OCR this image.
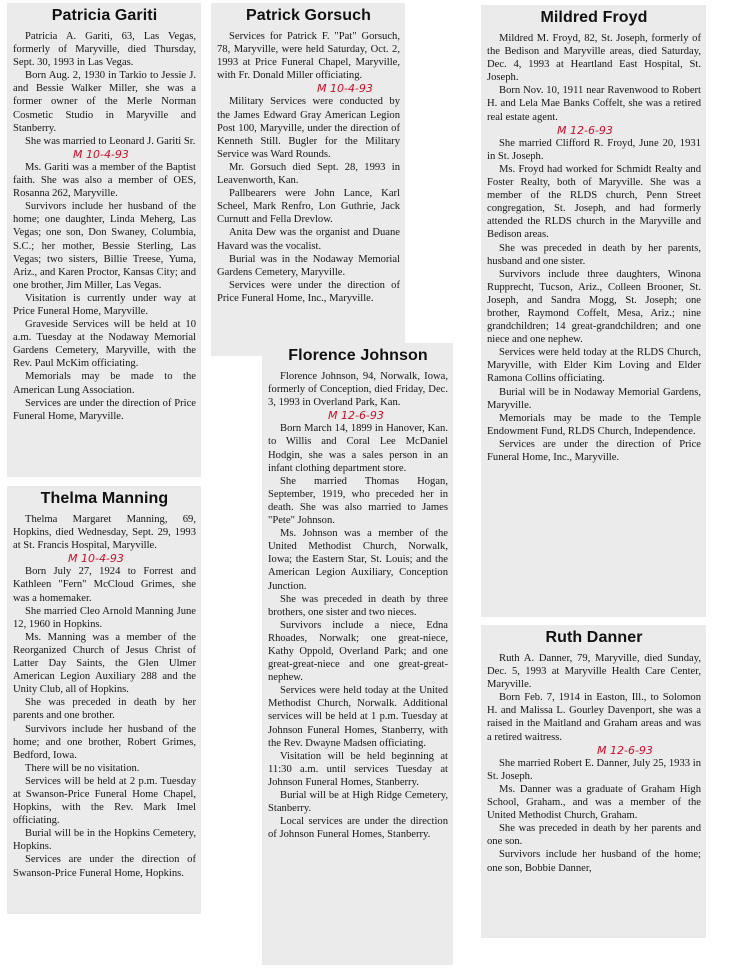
Patricia Gariti

Patricia A. Gariti, 63, Las Vegas, formerly of Maryville, died Thursday, Sept. 30, 1993 in Las Vegas.

Born Aug. 2, 1930 in Tarkio to Jessie J. and Bessie Walker Miller, she was a former owner of the Merle Norman Cosmetic Studio in Maryville and Stanberry.

She was married to Leonard J. Gariti Sr.

M 10-4-93

Ms. Gariti was a member of the Baptist faith. She was also a member of OES, Rosanna 262, Maryville.

Survivors include her husband of the home; one daughter, Linda Meherg, Las Vegas; one son, Don Swaney, Columbia, S.C.; her mother, Bessie Sterling, Las Vegas; two sisters, Billie Treese, Yuma, Ariz., and Karen Proctor, Kansas City; and one brother, Jim Miller, Las Vegas.

Visitation is currently under way at Price Funeral Home, Maryville.

Graveside Services will be held at 10 a.m. Tuesday at the Nodaway Memorial Gardens Cemetery, Maryville, with the Rev. Paul McKim officiating.

Memorials may be made to the American Lung Association.

Services are under the direction of Price Funeral Home, Maryville.

Patrick Gorsuch

Services for Patrick F. "Pat" Gorsuch, 78, Maryville, were held Saturday, Oct. 2, 1993 at Price Funeral Chapel, Maryville, with Fr. Donald Miller officiating.

M 10-4-93

Military Services were conducted by the James Edward Gray American Legion Post 100, Maryville, under the direction of Kenneth Still. Bugler for the Military Service was Ward Rounds.

Mr. Gorsuch died Sept. 28, 1993 in Leavenworth, Kan.

Pallbearers were John Lance, Karl Scheel, Mark Renfro, Lon Guthrie, Jack Curnutt and Fella Drevlow.

Anita Dew was the organist and Duane Havard was the vocalist.

Burial was in the Nodaway Memorial Gardens Cemetery, Maryville.

Services were under the direction of Price Funeral Home, Inc., Maryville.

Florence Johnson

Florence Johnson, 94, Norwalk, Iowa, formerly of Conception, died Friday, Dec. 3, 1993 in Overland Park, Kan.

M 12-6-93

Born March 14, 1899 in Hanover, Kan. to Willis and Coral Lee McDaniel Hodgin, she was a sales person in an infant clothing department store.

She married Thomas Hogan, September, 1919, who preceded her in death. She was also married to James "Pete" Johnson.

Ms. Johnson was a member of the United Methodist Church, Norwalk, Iowa; the Eastern Star, St. Louis; and the American Legion Auxiliary, Conception Junction.

She was preceded in death by three brothers, one sister and two nieces.

Survivors include a niece, Edna Rhoades, Norwalk; one great-niece, Kathy Oppold, Overland Park; and one great-great-niece and one great-great-nephew.

Services were held today at the United Methodist Church, Norwalk. Additional services will be held at 1 p.m. Tuesday at Johnson Funeral Homes, Stanberry, with the Rev. Dwayne Madsen officiating.

Visitation will be held beginning at 11:30 a.m. until services Tuesday at Johnson Funeral Homes, Stanberry.

Burial will be at High Ridge Cemetery, Stanberry.

Local services are under the direction of Johnson Funeral Homes, Stanberry.

Mildred Froyd

Mildred M. Froyd, 82, St. Joseph, formerly of the Bedison and Maryville areas, died Saturday, Dec. 4, 1993 at Heartland East Hospital, St. Joseph.

Born Nov. 10, 1911 near Ravenwood to Robert H. and Lela Mae Banks Coffelt, she was a retired real estate agent.

M 12-6-93

She married Clifford R. Froyd, June 20, 1931 in St. Joseph.

Ms. Froyd had worked for Schmidt Realty and Foster Realty, both of Maryville. She was a member of the RLDS church, Penn Street congregation, St. Joseph, and had formerly attended the RLDS church in the Maryville and Bedison areas.

She was preceded in death by her parents, husband and one sister.

Survivors include three daughters, Winona Rupprecht, Tucson, Ariz., Colleen Brooner, St. Joseph, and Sandra Mogg, St. Joseph; one brother, Raymond Coffelt, Mesa, Ariz.; nine grandchildren; 14 great-grandchildren; and one niece and one nephew.

Services were held today at the RLDS Church, Maryville, with Elder Kim Loving and Elder Ramona Collins officiating.

Burial will be in Nodaway Memorial Gardens, Maryville.

Memorials may be made to the Temple Endowment Fund, RLDS Church, Independence.

Services are under the direction of Price Funeral Home, Inc., Maryville.

Thelma Manning

Thelma Margaret Manning, 69, Hopkins, died Wednesday, Sept. 29, 1993 at St. Francis Hospital, Maryville.

M 10-4-93

Born July 27, 1924 to Forrest and Kathleen "Fern" McCloud Grimes, she was a homemaker.

She married Cleo Arnold Manning June 12, 1960 in Hopkins.

Ms. Manning was a member of the Reorganized Church of Jesus Christ of Latter Day Saints, the Glen Ulmer American Legion Auxiliary 288 and the Unity Club, all of Hopkins.

She was preceded in death by her parents and one brother.

Survivors include her husband of the home; and one brother, Robert Grimes, Bedford, Iowa.

There will be no visitation.

Services will be held at 2 p.m. Tuesday at Swanson-Price Funeral Home Chapel, Hopkins, with the Rev. Mark Imel officiating.

Burial will be in the Hopkins Cemetery, Hopkins.

Services are under the direction of Swanson-Price Funeral Home, Hopkins.

Ruth Danner

Ruth A. Danner, 79, Maryville, died Sunday, Dec. 5, 1993 at Maryville Health Care Center, Maryville.

Born Feb. 7, 1914 in Easton, Ill., to Solomon H. and Malissa L. Gourley Davenport, she was a raised in the Maitland and Graham areas and was a retired waitress.

M 12-6-93

She married Robert E. Danner, July 25, 1933 in St. Joseph.

Ms. Danner was a graduate of Graham High School, Graham., and was a member of the United Methodist Church, Graham.

She was preceded in death by her parents and one son.

Survivors include her husband of the home; one son, Bobbie Danner,
